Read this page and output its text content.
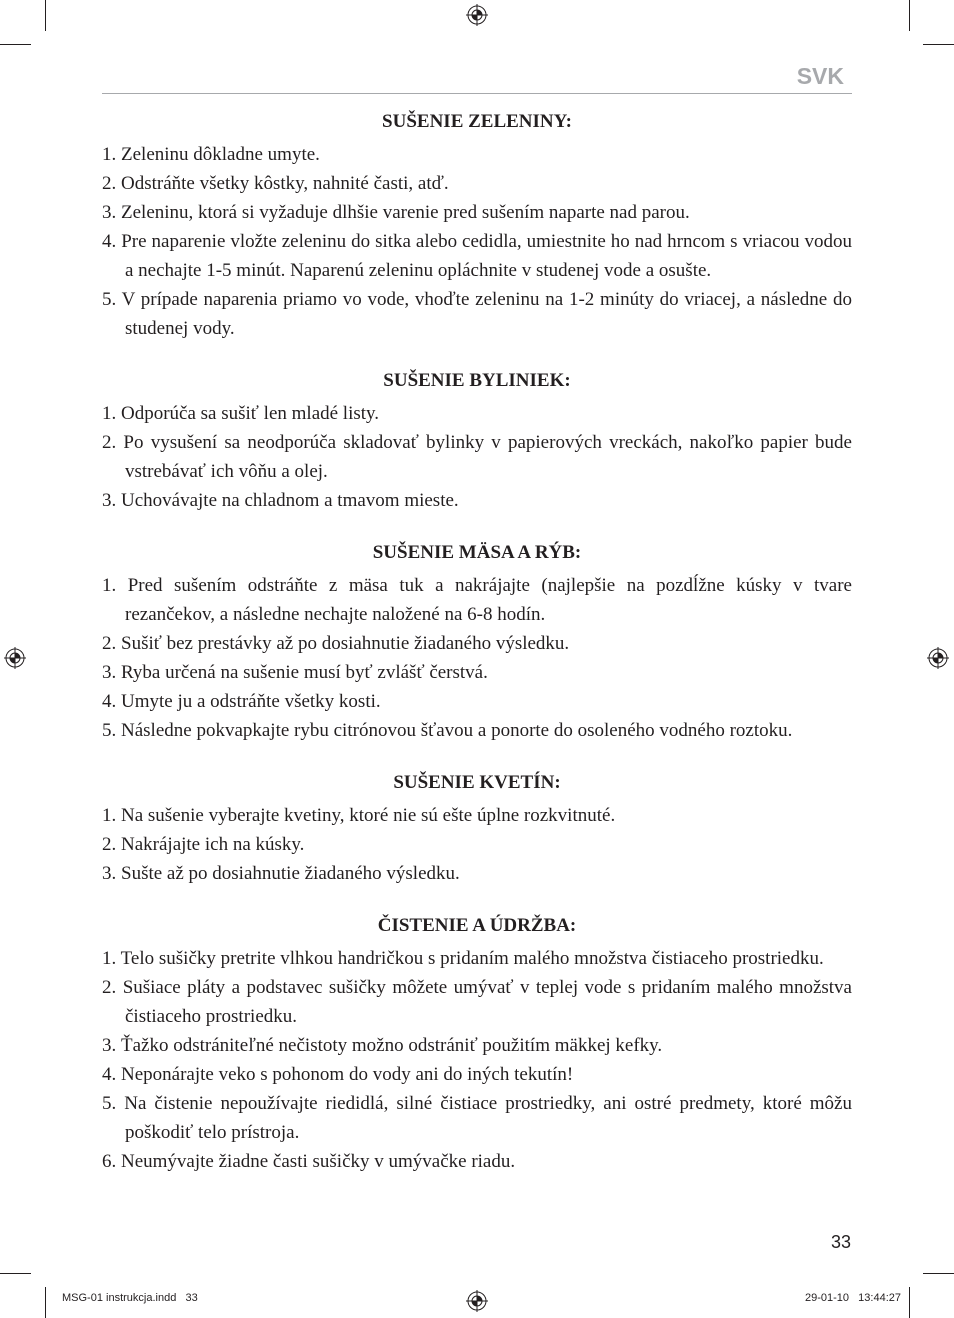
SVK
SUŠENIE ZELENINY:
1. Zeleninu dôkladne umyte.
2. Odstráňte všetky kôstky, nahnité časti, atď.
3. Zeleninu, ktorá si vyžaduje dlhšie varenie pred sušením naparte nad parou.
4. Pre naparenie vložte zeleninu do sitka alebo cedidla, umiestnite ho nad hrncom s vriacou vodou a nechajte 1-5 minút. Naparenú zeleninu opláchnite v studenej vode a osušte.
5. V prípade naparenia priamo vo vode, vhoďte zeleninu na 1-2 minúty do vriacej, a následne do studenej vody.
SUŠENIE BYLINIEK:
1. Odporúča sa sušiť len mladé listy.
2. Po vysušení sa neodporúča skladovať bylinky v papierových vreckách, nakoľko papier bude vstrebávať ich vôňu a olej.
3. Uchovávajte na chladnom a tmavom mieste.
SUŠENIE MÄSA A RÝB:
1. Pred sušením odstráňte z mäsa tuk a nakrájajte (najlepšie na pozdĺžne kúsky v tvare rezančekov, a následne nechajte naložené na 6-8 hodín.
2. Sušiť bez prestávky až po dosiahnutie žiadaného výsledku.
3. Ryba určená na sušenie musí byť zvlášť čerstvá.
4. Umyte ju a odstráňte všetky kosti.
5. Následne pokvapkajte rybu citrónovou šťavou a ponorte do osoleného vodného roztoku.
SUŠENIE KVETÍN:
1. Na sušenie vyberajte kvetiny, ktoré nie sú ešte úplne rozkvitnuté.
2. Nakrájajte ich na kúsky.
3. Sušte až po dosiahnutie žiadaného výsledku.
ČISTENIE A ÚDRŽBA:
1. Telo sušičky pretrite vlhkou handričkou s pridaním malého množstva čistiaceho prostriedku.
2. Sušiace pláty a podstavec sušičky môžete umývať v teplej vode s pridaním malého množstva čistiaceho prostriedku.
3. Ťažko odstrániteľné nečistoty možno odstrániť použitím mäkkej kefky.
4. Neponárajte veko s pohonom do vody ani do iných tekutín!
5. Na čistenie nepoužívajte riedidlá, silné čistiace prostriedky, ani ostré predmety, ktoré môžu poškodiť telo prístroja.
6. Neumývajte žiadne časti sušičky v umývačke riadu.
33
MSG-01 instrukcja.indd   33	29-01-10   13:44:27
